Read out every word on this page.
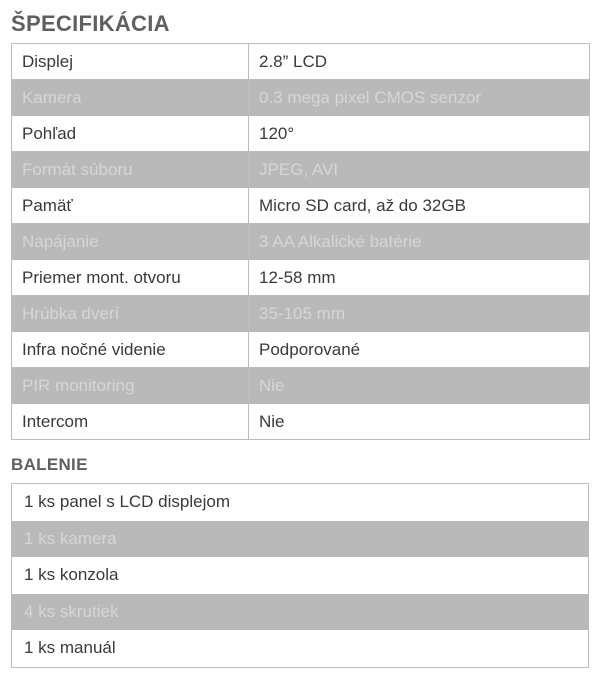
ŠPECIFIKÁCIA
Displej	2.8” LCD
Kamera	0.3 mega pixel CMOS senzor
Pohľad	120°
Formát súboru	JPEG, AVI
Pamäť	Micro SD card, až do 32GB
Napájanie	3 AA Alkalické batérie
Priemer mont. otvoru	12-58 mm
Hrúbka dverí	35-105 mm
Infra nočné videnie	Podporované
PIR monitoring	Nie
Intercom	Nie
BALENIE
1 ks panel s LCD displejom
1 ks kamera
1 ks konzola
4 ks skrutiek
1 ks manuál
